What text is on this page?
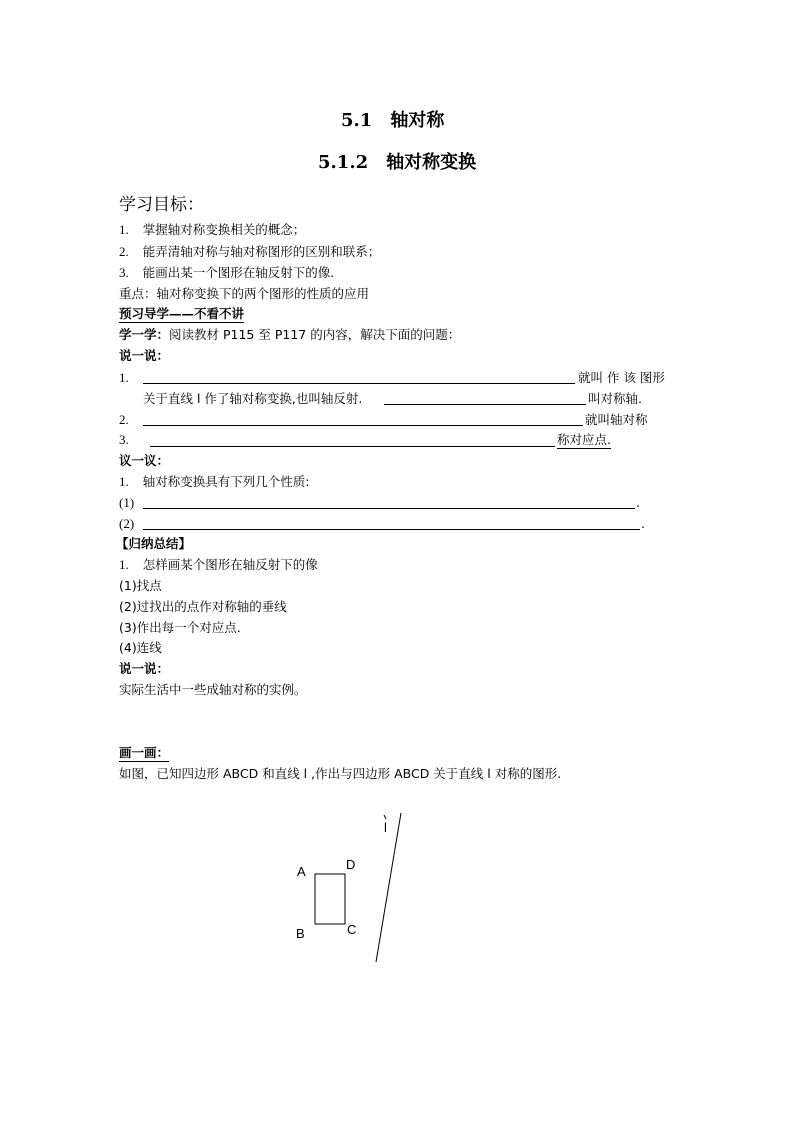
5.1　轴对称
5.1.2　轴对称变换
学习目标：
1. 掌握轴对称变换相关的概念；
2. 能弄清轴对称与轴对称图形的区别和联系；
3. 能画出某一个图形在轴反射下的像.
重点：轴对称变换下的两个图形的性质的应用
预习导学——不看不讲
学一学：阅读教材 P115 至 P117 的内容，解决下面的问题：
说一说：
1.	就叫 作 该 图形
关于直线 l 作了轴对称变换,也叫轴反射.	叫对称轴.
2.	就叫轴对称
3.	称对应点.
议一议：
1. 轴对称变换具有下列几个性质:
(1)	.
(2)	.
【归纳总结】
1. 怎样画某个图形在轴反射下的像
(1)找点
(2)过找出的点作对称轴的垂线
(3)作出每一个对应点.
(4)连线
说一说：
实际生活中一些成轴对称的实例。
画一画：
如图，已知四边形 ABCD 和直线 l ,作出与四边形 ABCD 关于直线 l 对称的图形.
l
A	D
B	C
